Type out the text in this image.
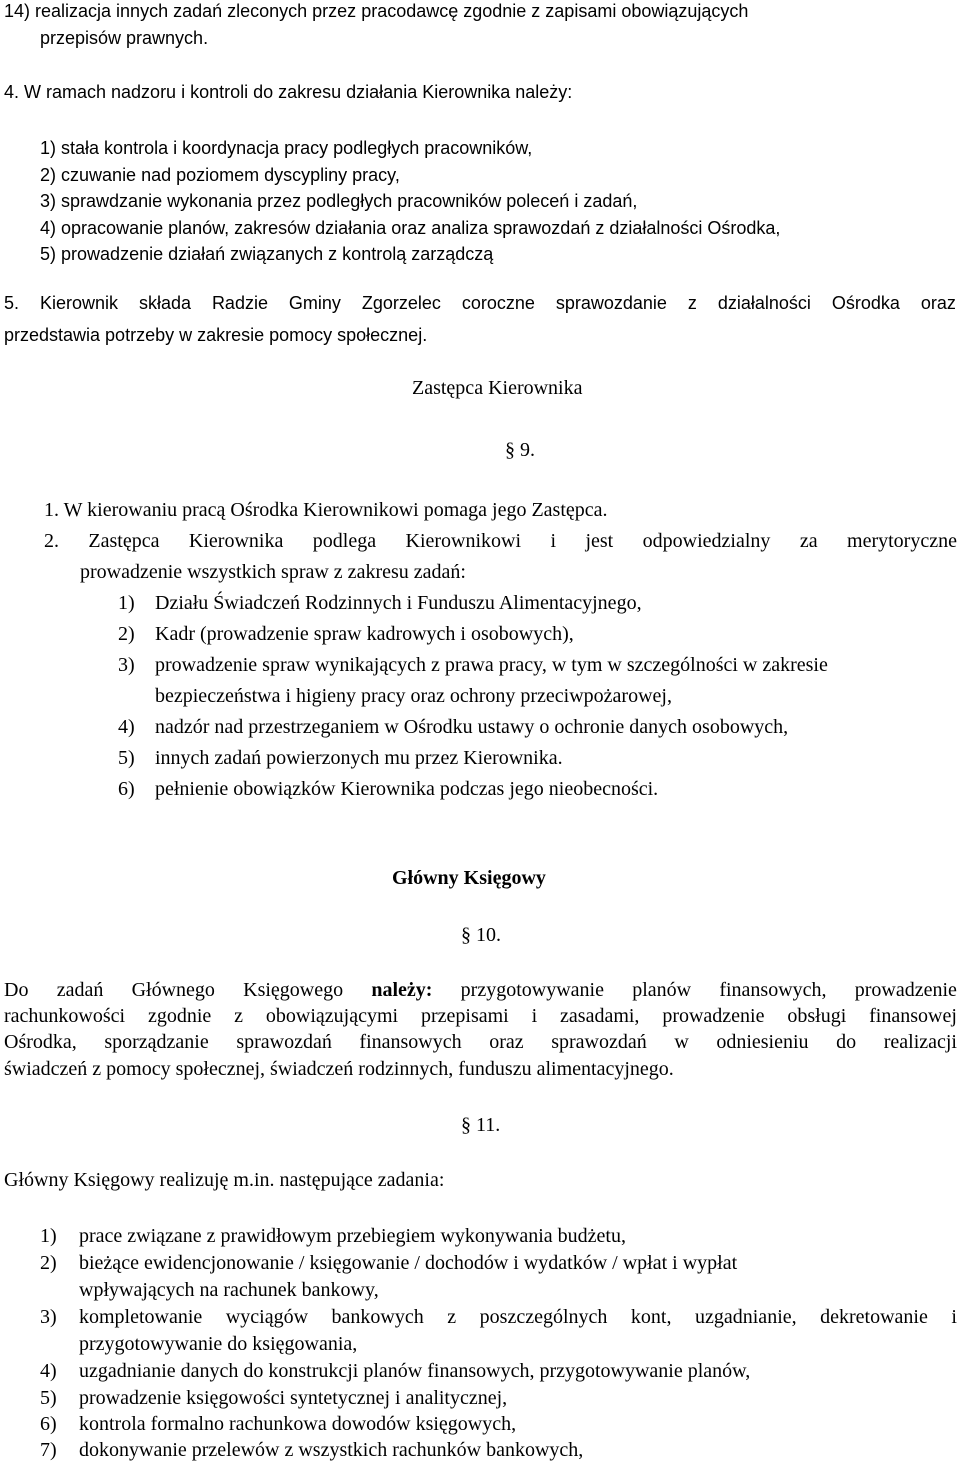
14) realizacja innych zadań zleconych przez pracodawcę zgodnie z zapisami obowiązujących
przepisów prawnych.
4. W ramach nadzoru i kontroli do zakresu działania Kierownika należy:
1) stała kontrola i koordynacja pracy podległych pracowników,
2) czuwanie nad poziomem dyscypliny pracy,
3) sprawdzanie wykonania przez podległych pracowników poleceń i zadań,
4) opracowanie planów, zakresów działania oraz analiza sprawozdań z działalności Ośrodka,
5) prowadzenie działań związanych z kontrolą zarządczą
5. Kierownik składa Radzie Gminy Zgorzelec coroczne sprawozdanie z działalności Ośrodka oraz
przedstawia potrzeby w zakresie pomocy społecznej.
Zastępca Kierownika
§ 9.
1. W kierowaniu pracą Ośrodka Kierownikowi pomaga jego Zastępca.
2. Zastępca Kierownika podlega Kierownikowi i jest odpowiedzialny za merytoryczne
prowadzenie wszystkich spraw z zakresu zadań:
1) Działu Świadczeń Rodzinnych i Funduszu Alimentacyjnego,
2) Kadr (prowadzenie spraw kadrowych i osobowych),
3) prowadzenie spraw wynikających z prawa pracy, w tym w szczególności w zakresie
bezpieczeństwa i higieny pracy oraz ochrony przeciwpożarowej,
4) nadzór nad przestrzeganiem w Ośrodku ustawy o ochronie danych osobowych,
5) innych zadań powierzonych mu przez Kierownika.
6) pełnienie obowiązków Kierownika podczas jego nieobecności.
Główny Księgowy
§ 10.
Do zadań Głównego Księgowego należy: przygotowywanie planów finansowych, prowadzenie
rachunkowości zgodnie z obowiązującymi przepisami i zasadami, prowadzenie obsługi finansowej
Ośrodka, sporządzanie sprawozdań finansowych oraz sprawozdań w odniesieniu do realizacji
świadczeń z pomocy społecznej, świadczeń rodzinnych, funduszu alimentacyjnego.
§ 11.
Główny Księgowy realizuję m.in. następujące zadania:
1) prace związane z prawidłowym przebiegiem wykonywania budżetu,
2) bieżące ewidencjonowanie / księgowanie / dochodów i wydatków / wpłat i wypłat
wpływających na rachunek bankowy,
3) kompletowanie wyciągów bankowych z poszczególnych kont, uzgadnianie, dekretowanie i
przygotowywanie do księgowania,
4) uzgadnianie danych do konstrukcji planów finansowych, przygotowywanie planów,
5) prowadzenie księgowości syntetycznej i analitycznej,
6) kontrola formalno rachunkowa dowodów księgowych,
7) dokonywanie przelewów z wszystkich rachunków bankowych,
